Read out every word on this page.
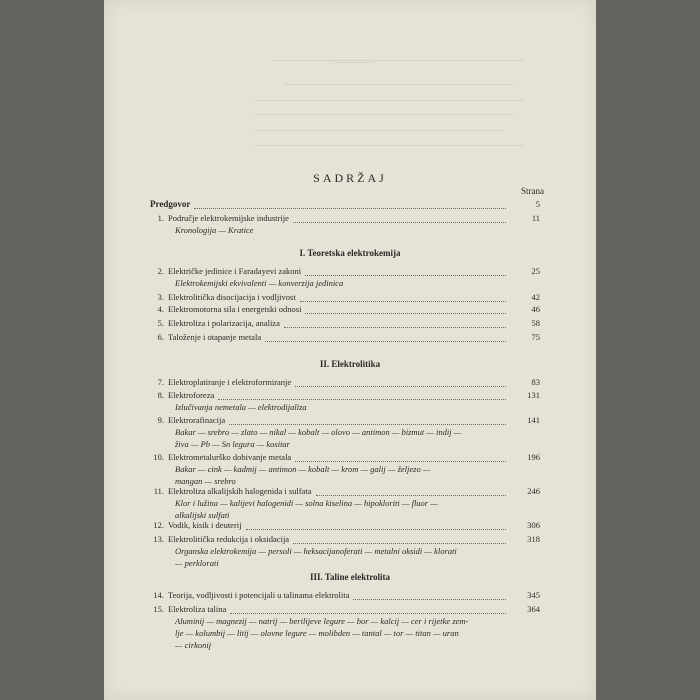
SADRŽAJ
Strana
Predgovor	5
1. Područje elektrokemijske industrije	11
Kronologija — Kratice
I. Teoretska elektrokemija
2. Električke jedinice i Faradayevi zakoni	25
Elektrokemijski ekvivalenti — konverzija jedinica
3. Elektrolitička disocijacija i vodljivost	42
4. Elektromotorna sila i energetski odnosi	46
5. Elektroliza i polarizacija, analiza	58
6. Taloženje i otapanje metala	75
II. Elektrolitika
7. Elektroplatiranje i elektroformiranje	83
8. Elektroforeza	131
Izlučivanja nemetala — elektrodijaliza
9. Elektrorafinacija	141
Bakar — srebro — zlato — nikal — kobalt — olovo — antimon — bizmut — indij —
živa — Pb — Sn legura — kositar
10. Elektrometalurško dobivanje metala	196
Bakar — cink — kadmij — antimon — kobalt — krom — galij — željezo —
mangan — srebro
11. Elektroliza alkalijskih halogenida i sulfata	246
Klor i lužina — kalijevi halogenidi — solna kiselina — hipokloriti — fluor —
alkalijski sulfati
12. Vodik, kisik i deuterij	306
13. Elektrolitička redukcija i oksidacija	318
Organska elektrokemija — persoli — heksacijanoferati — metalni oksidi — klorati
— perklorati
III. Taline elektrolita
14. Teorija, vodljivosti i potencijali u talinama elektrolita	345
15. Elektroliza talina	364
Aluminij — magnezij — natrij — berilijeve legure — bor — kalcij — cer i rijetke zem-
lje — kolumbij — litij — olovne legure — molibden — tantal — tor — titan — uran
— cirkonij
